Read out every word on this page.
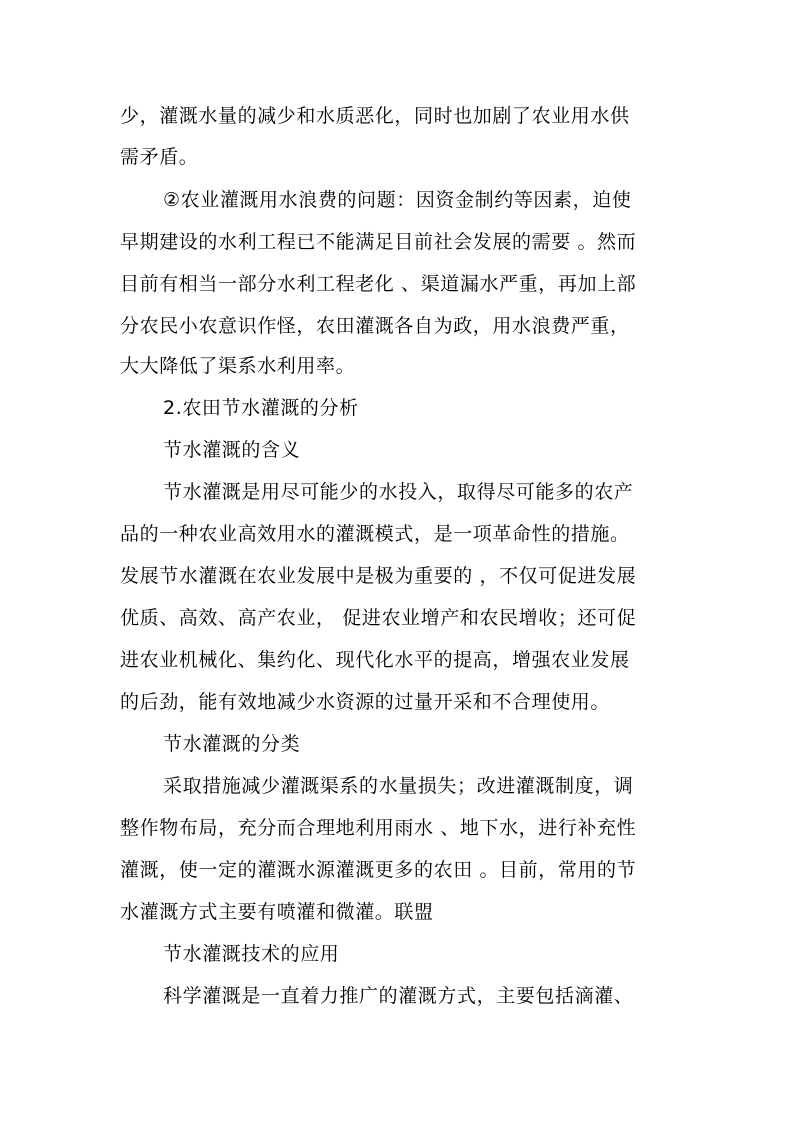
少，灌溉水量的减少和水质恶化，同时也加剧了农业用水供

需矛盾。

②农业灌溉用水浪费的问题：因资金制约等因素，迫使

早期建设的水利工程已不能满足目前社会发展的需要 。然而

目前有相当一部分水利工程老化 、渠道漏水严重，再加上部

分农民小农意识作怪，农田灌溉各自为政，用水浪费严重，

大大降低了渠系水利用率。

2.农田节水灌溉的分析

节水灌溉的含义

节水灌溉是用尽可能少的水投入，取得尽可能多的农产

品的一种农业高效用水的灌溉模式，是一项革命性的措施。

发展节水灌溉在农业发展中是极为重要的 ，不仅可促进发展

优质、高效、高产农业， 促进农业增产和农民增收；还可促

进农业机械化、集约化、现代化水平的提高，增强农业发展

的后劲，能有效地减少水资源的过量开采和不合理使用。

节水灌溉的分类

采取措施减少灌溉渠系的水量损失；改进灌溉制度，调

整作物布局，充分而合理地利用雨水 、地下水，进行补充性

灌溉，使一定的灌溉水源灌溉更多的农田 。目前，常用的节

水灌溉方式主要有喷灌和微灌。联盟

节水灌溉技术的应用

科学灌溉是一直着力推广的灌溉方式，主要包括滴灌、
